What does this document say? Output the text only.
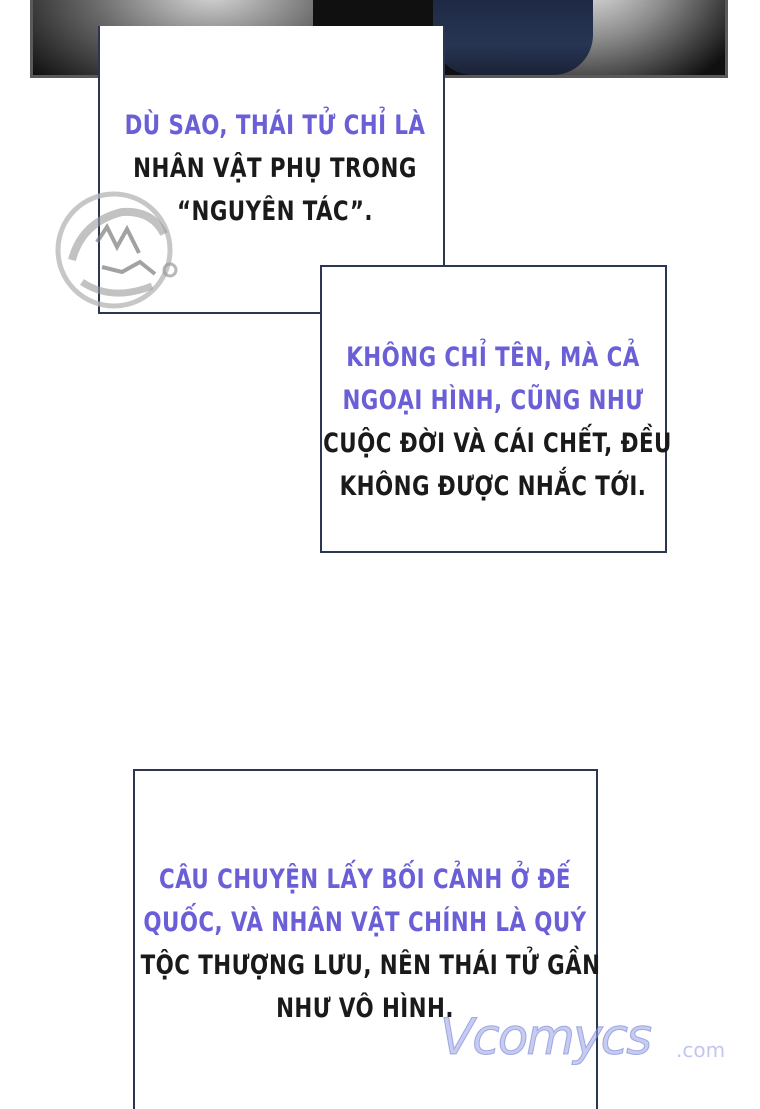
DÙ SAO, THÁI TỬ CHỈ LÀ
NHÂN VẬT PHỤ TRONG
“NGUYÊN TÁC”.
KHÔNG CHỈ TÊN, MÀ CẢ
NGOẠI HÌNH, CŨNG NHƯ
CUỘC ĐỜI VÀ CÁI CHẾT, ĐỀU
KHÔNG ĐƯỢC NHẮC TỚI.
CÂU CHUYỆN LẤY BỐI CẢNH Ở ĐẾ
QUỐC, VÀ NHÂN VẬT CHÍNH LÀ QUÝ
TỘC THƯỢNG LƯU, NÊN THÁI TỬ GẦN
NHƯ VÔ HÌNH.
Vcomycs .com
